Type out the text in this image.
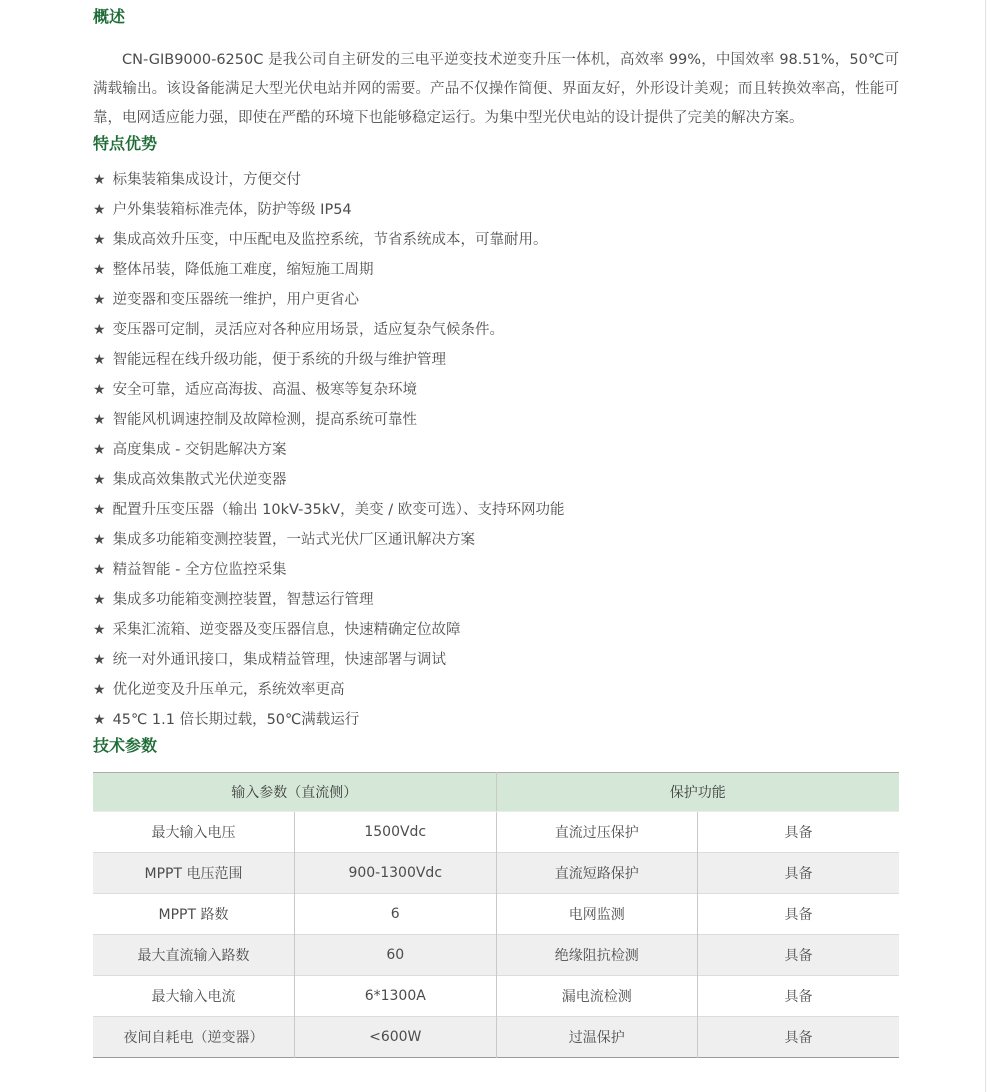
概述

CN-GIB9000-6250C 是我公司自主研发的三电平逆变技术逆变升压一体机，高效率 99%，中国效率 98.51%，50℃可满载输出。该设备能满足大型光伏电站并网的需要。产品不仅操作简便、界面友好，外形设计美观；而且转换效率高，性能可靠，电网适应能力强，即使在严酷的环境下也能够稳定运行。为集中型光伏电站的设计提供了完美的解决方案。

特点优势
★ 标集装箱集成设计，方便交付
★ 户外集装箱标准壳体，防护等级 IP54
★ 集成高效升压变，中压配电及监控系统，节省系统成本，可靠耐用。
★ 整体吊装，降低施工难度，缩短施工周期
★ 逆变器和变压器统一维护，用户更省心
★ 变压器可定制，灵活应对各种应用场景，适应复杂气候条件。
★ 智能远程在线升级功能，便于系统的升级与维护管理
★ 安全可靠，适应高海拔、高温、极寒等复杂环境
★ 智能风机调速控制及故障检测，提高系统可靠性
★ 高度集成 - 交钥匙解决方案
★ 集成高效集散式光伏逆变器
★ 配置升压变压器（输出 10kV-35kV，美变 / 欧变可选）、支持环网功能
★ 集成多功能箱变测控装置，一站式光伏厂区通讯解决方案
★ 精益智能 - 全方位监控采集
★ 集成多功能箱变测控装置，智慧运行管理
★ 采集汇流箱、逆变器及变压器信息，快速精确定位故障
★ 统一对外通讯接口，集成精益管理，快速部署与调试
★ 优化逆变及升压单元，系统效率更高
★ 45℃ 1.1 倍长期过载，50℃满载运行
技术参数
输入参数（直流侧）		保护功能	
最大输入电压	1500Vdc	直流过压保护	具备
MPPT 电压范围	900-1300Vdc	直流短路保护	具备
MPPT 路数	6	电网监测	具备
最大直流输入路数	60	绝缘阻抗检测	具备
最大输入电流	6*1300A	漏电流检测	具备
夜间自耗电（逆变器）	<600W	过温保护	具备
